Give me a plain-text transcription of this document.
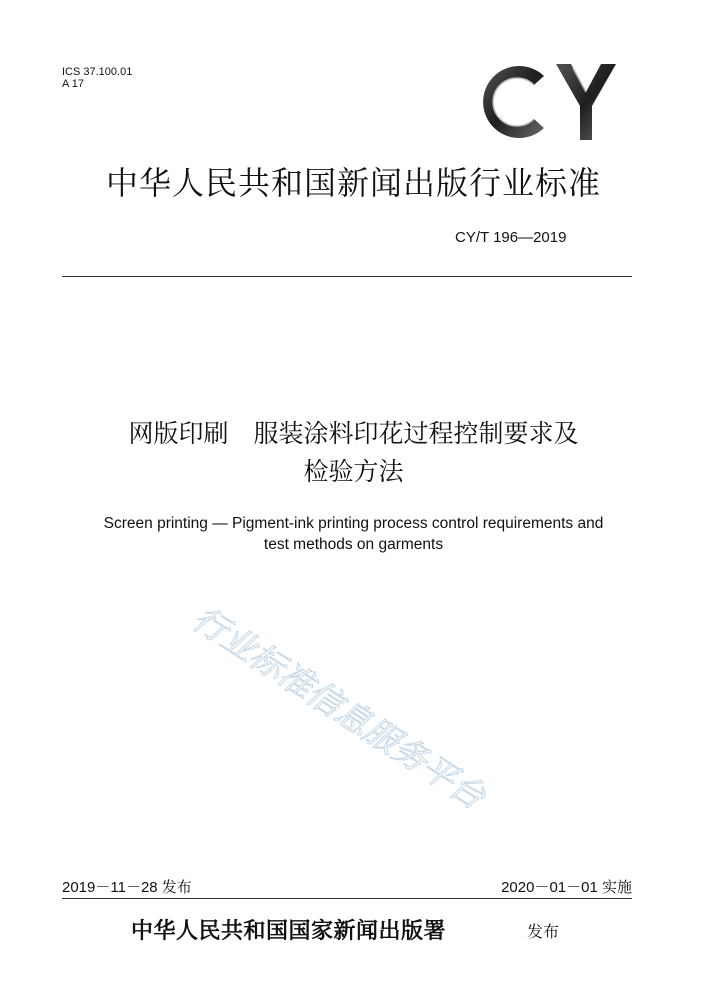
ICS 37.100.01
A 17
中华人民共和国新闻出版行业标准
CY/T 196—2019
网版印刷　服装涂料印花过程控制要求及
检验方法
Screen printing — Pigment-ink printing process control requirements and
test methods on garments
行业标准信息服务平台
2019－11－28 发布	2020－01－01 实施
中华人民共和国国家新闻出版署	发布
